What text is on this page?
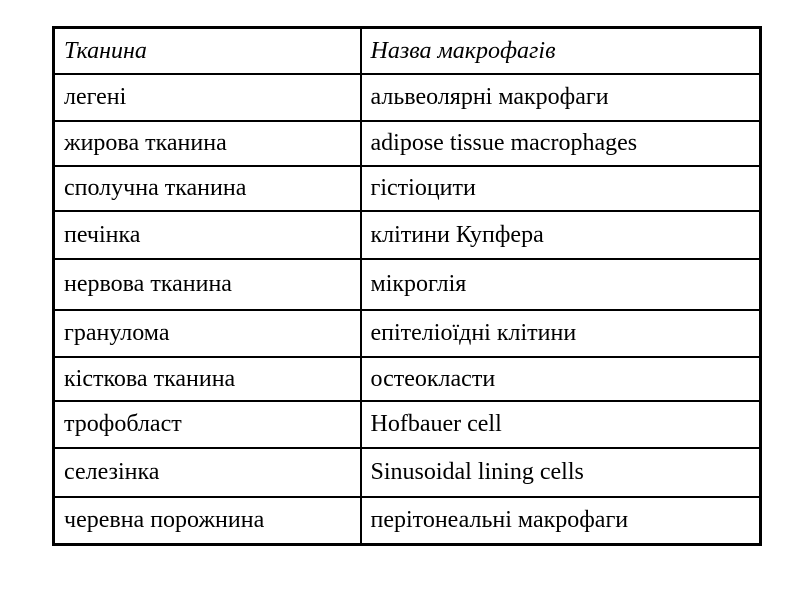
Тканина	Назва макрофагів
легені	альвеолярні макрофаги
жирова тканина	adipose tissue macrophages
сполучна тканина	гістіоцити
печінка	клітини Купфера
нервова тканина	мікроглія
гранулома	епітеліоїдні клітини
кісткова тканина	остеокласти
трофобласт	Hofbauer cell
селезінка	Sinusoidal lining cells
черевна порожнина	перітонеальні макрофаги
